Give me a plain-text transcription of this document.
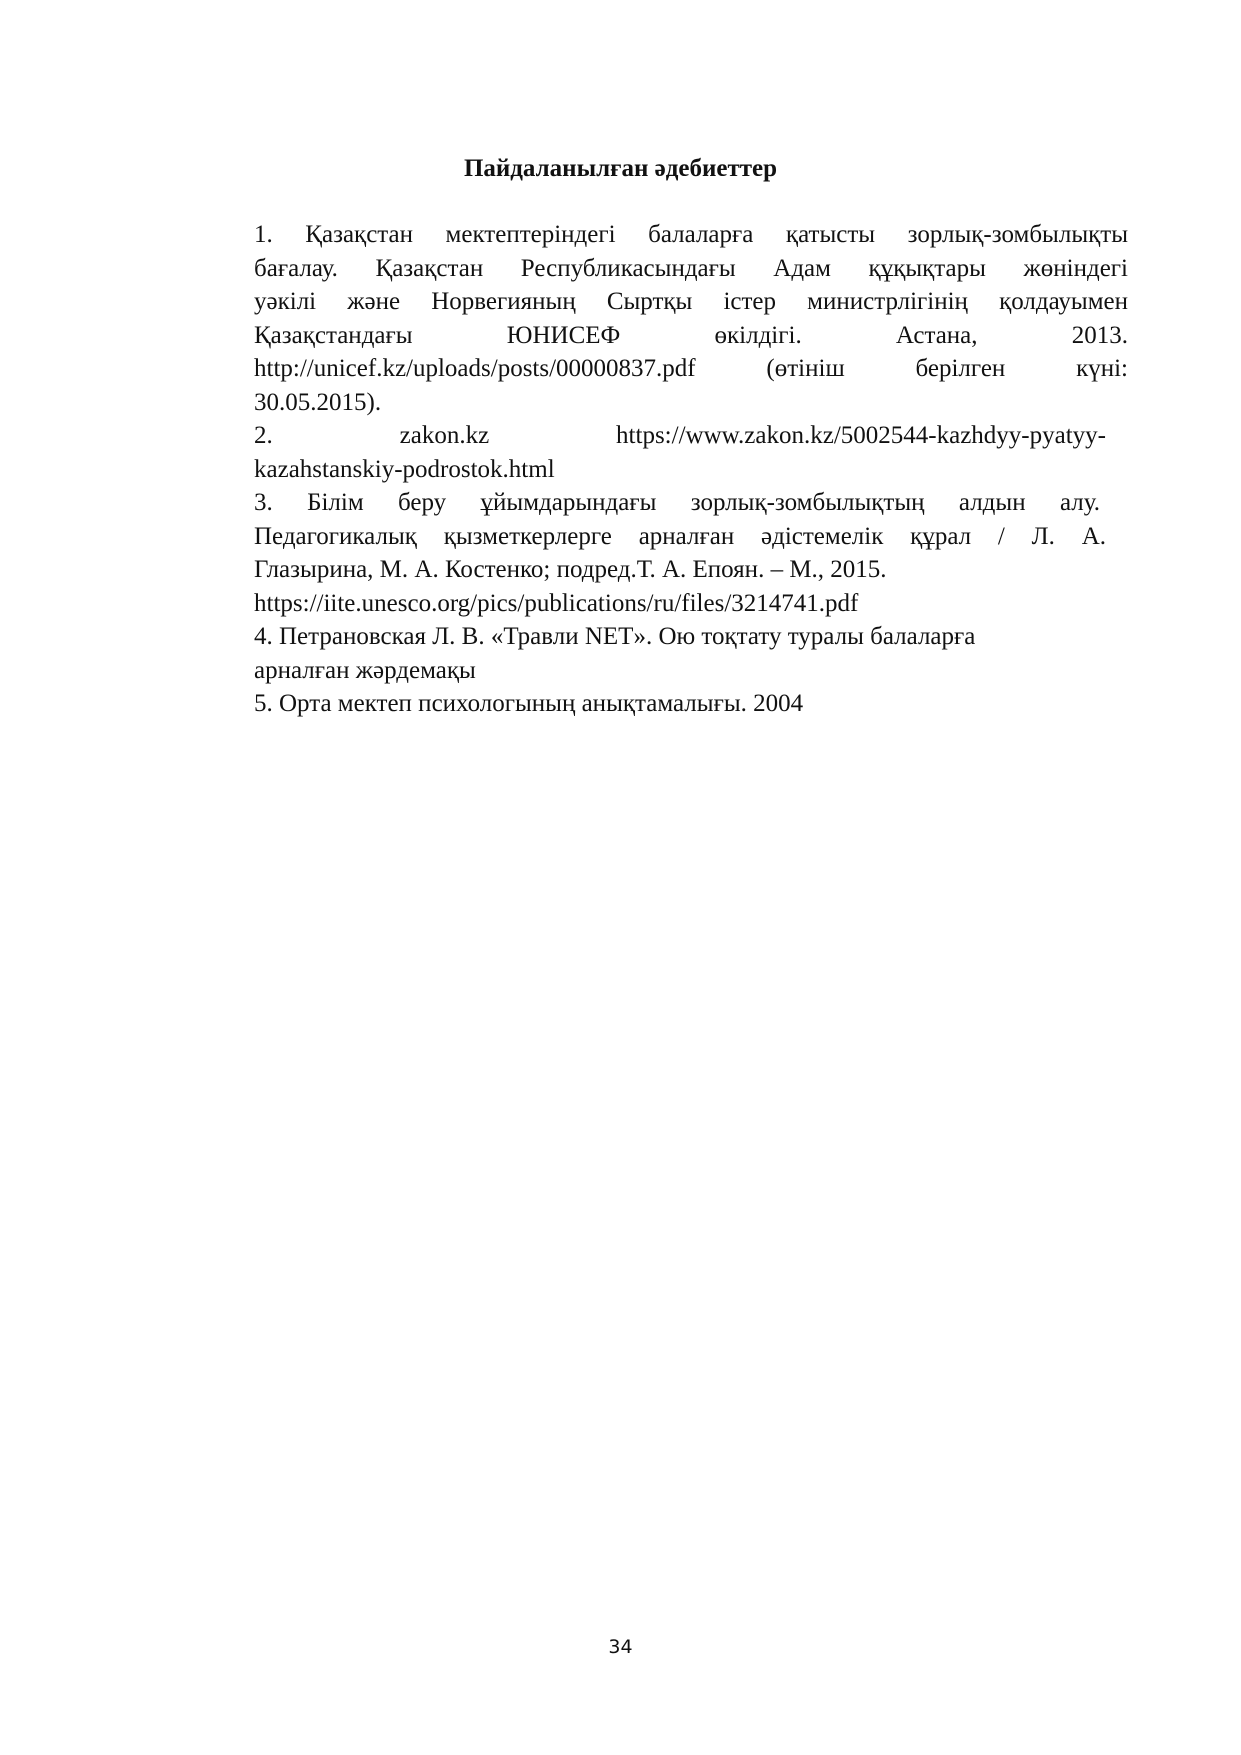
Пайдаланылған әдебиеттер
1. Қазақстан мектептеріндегі балаларға қатысты зорлық-зомбылықты
бағалау. Қазақстан Республикасындағы Адам құқықтары жөніндегі
уәкілі және Норвегияның Сыртқы істер министрлігінің қолдауымен
Қазақстандағы ЮНИСЕФ өкілдігі. Астана, 2013.
http://unicef.kz/uploads/posts/00000837.pdf (өтініш берілген күні:
30.05.2015).
2. zakon.kz https://www.zakon.kz/5002544-kazhdyy-pyatyy-
kazahstanskiy-podrostok.html
3. Білім беру ұйымдарындағы зорлық-зомбылықтың алдын алу.
Педагогикалық қызметкерлерге арналған әдістемелік құрал / Л. А.
Глазырина, М. А. Костенко; подред.Т. А. Епоян. – М., 2015.
https://iite.unesco.org/pics/publications/ru/files/3214741.pdf
4. Петрановская Л. В. «Травли NET». Ою тоқтату туралы балаларға
арналған жәрдемақы
5. Орта мектеп психологының анықтамалығы. 2004
34
